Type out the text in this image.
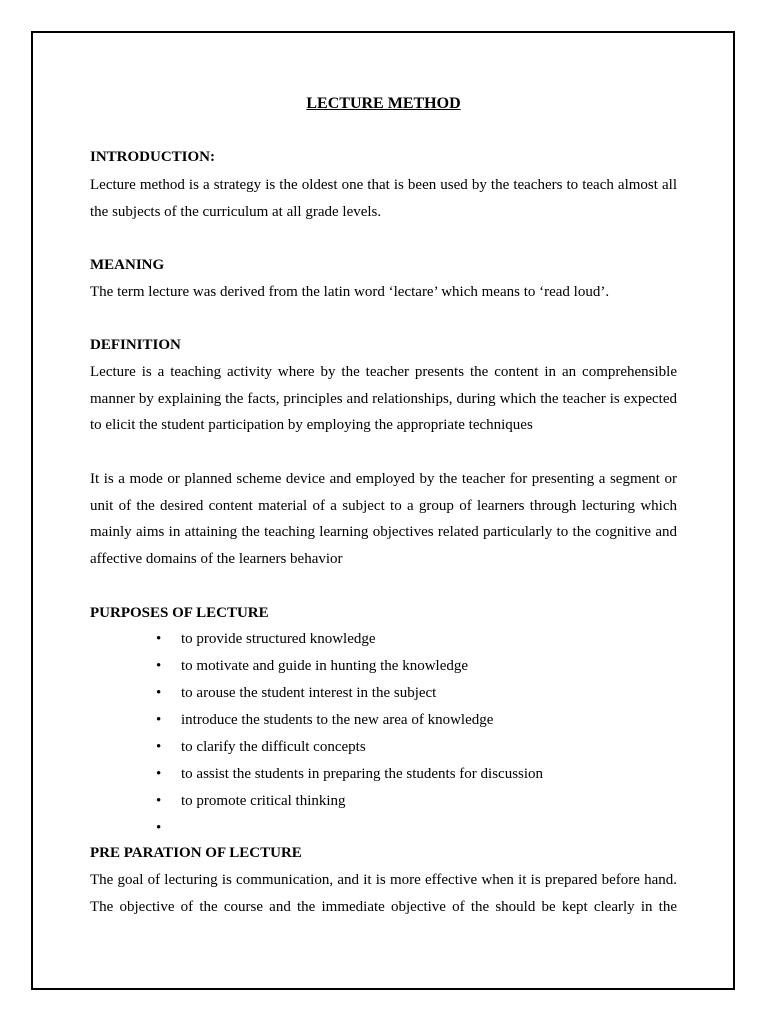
LECTURE METHOD
INTRODUCTION:
Lecture method is a strategy is the oldest one that is been used by the teachers to teach almost all the subjects of the curriculum at all grade levels.
MEANING
The term lecture was derived from the latin word ‘lectare’ which means to ‘read loud’.
DEFINITION
Lecture is a teaching activity where by the teacher presents the content in an comprehensible manner by explaining the facts, principles and relationships, during which the teacher is expected to elicit the student participation by employing the appropriate techniques
It is a mode or planned scheme device and employed by the teacher for presenting a segment or unit of the desired content material of a subject to a group of learners through lecturing which mainly aims in attaining the teaching learning objectives related particularly to the cognitive and affective domains of the learners behavior
PURPOSES OF LECTURE
• to provide structured knowledge
• to motivate and guide in hunting the knowledge
• to arouse the student interest in the subject
• introduce the students to the new area of knowledge
• to clarify the difficult concepts
• to assist the students in preparing the students for discussion
• to promote critical thinking
•
PRE PARATION OF LECTURE
The goal of lecturing is communication, and it is more effective when it is prepared before hand. The objective of the course and the immediate objective of the should be kept clearly in the
